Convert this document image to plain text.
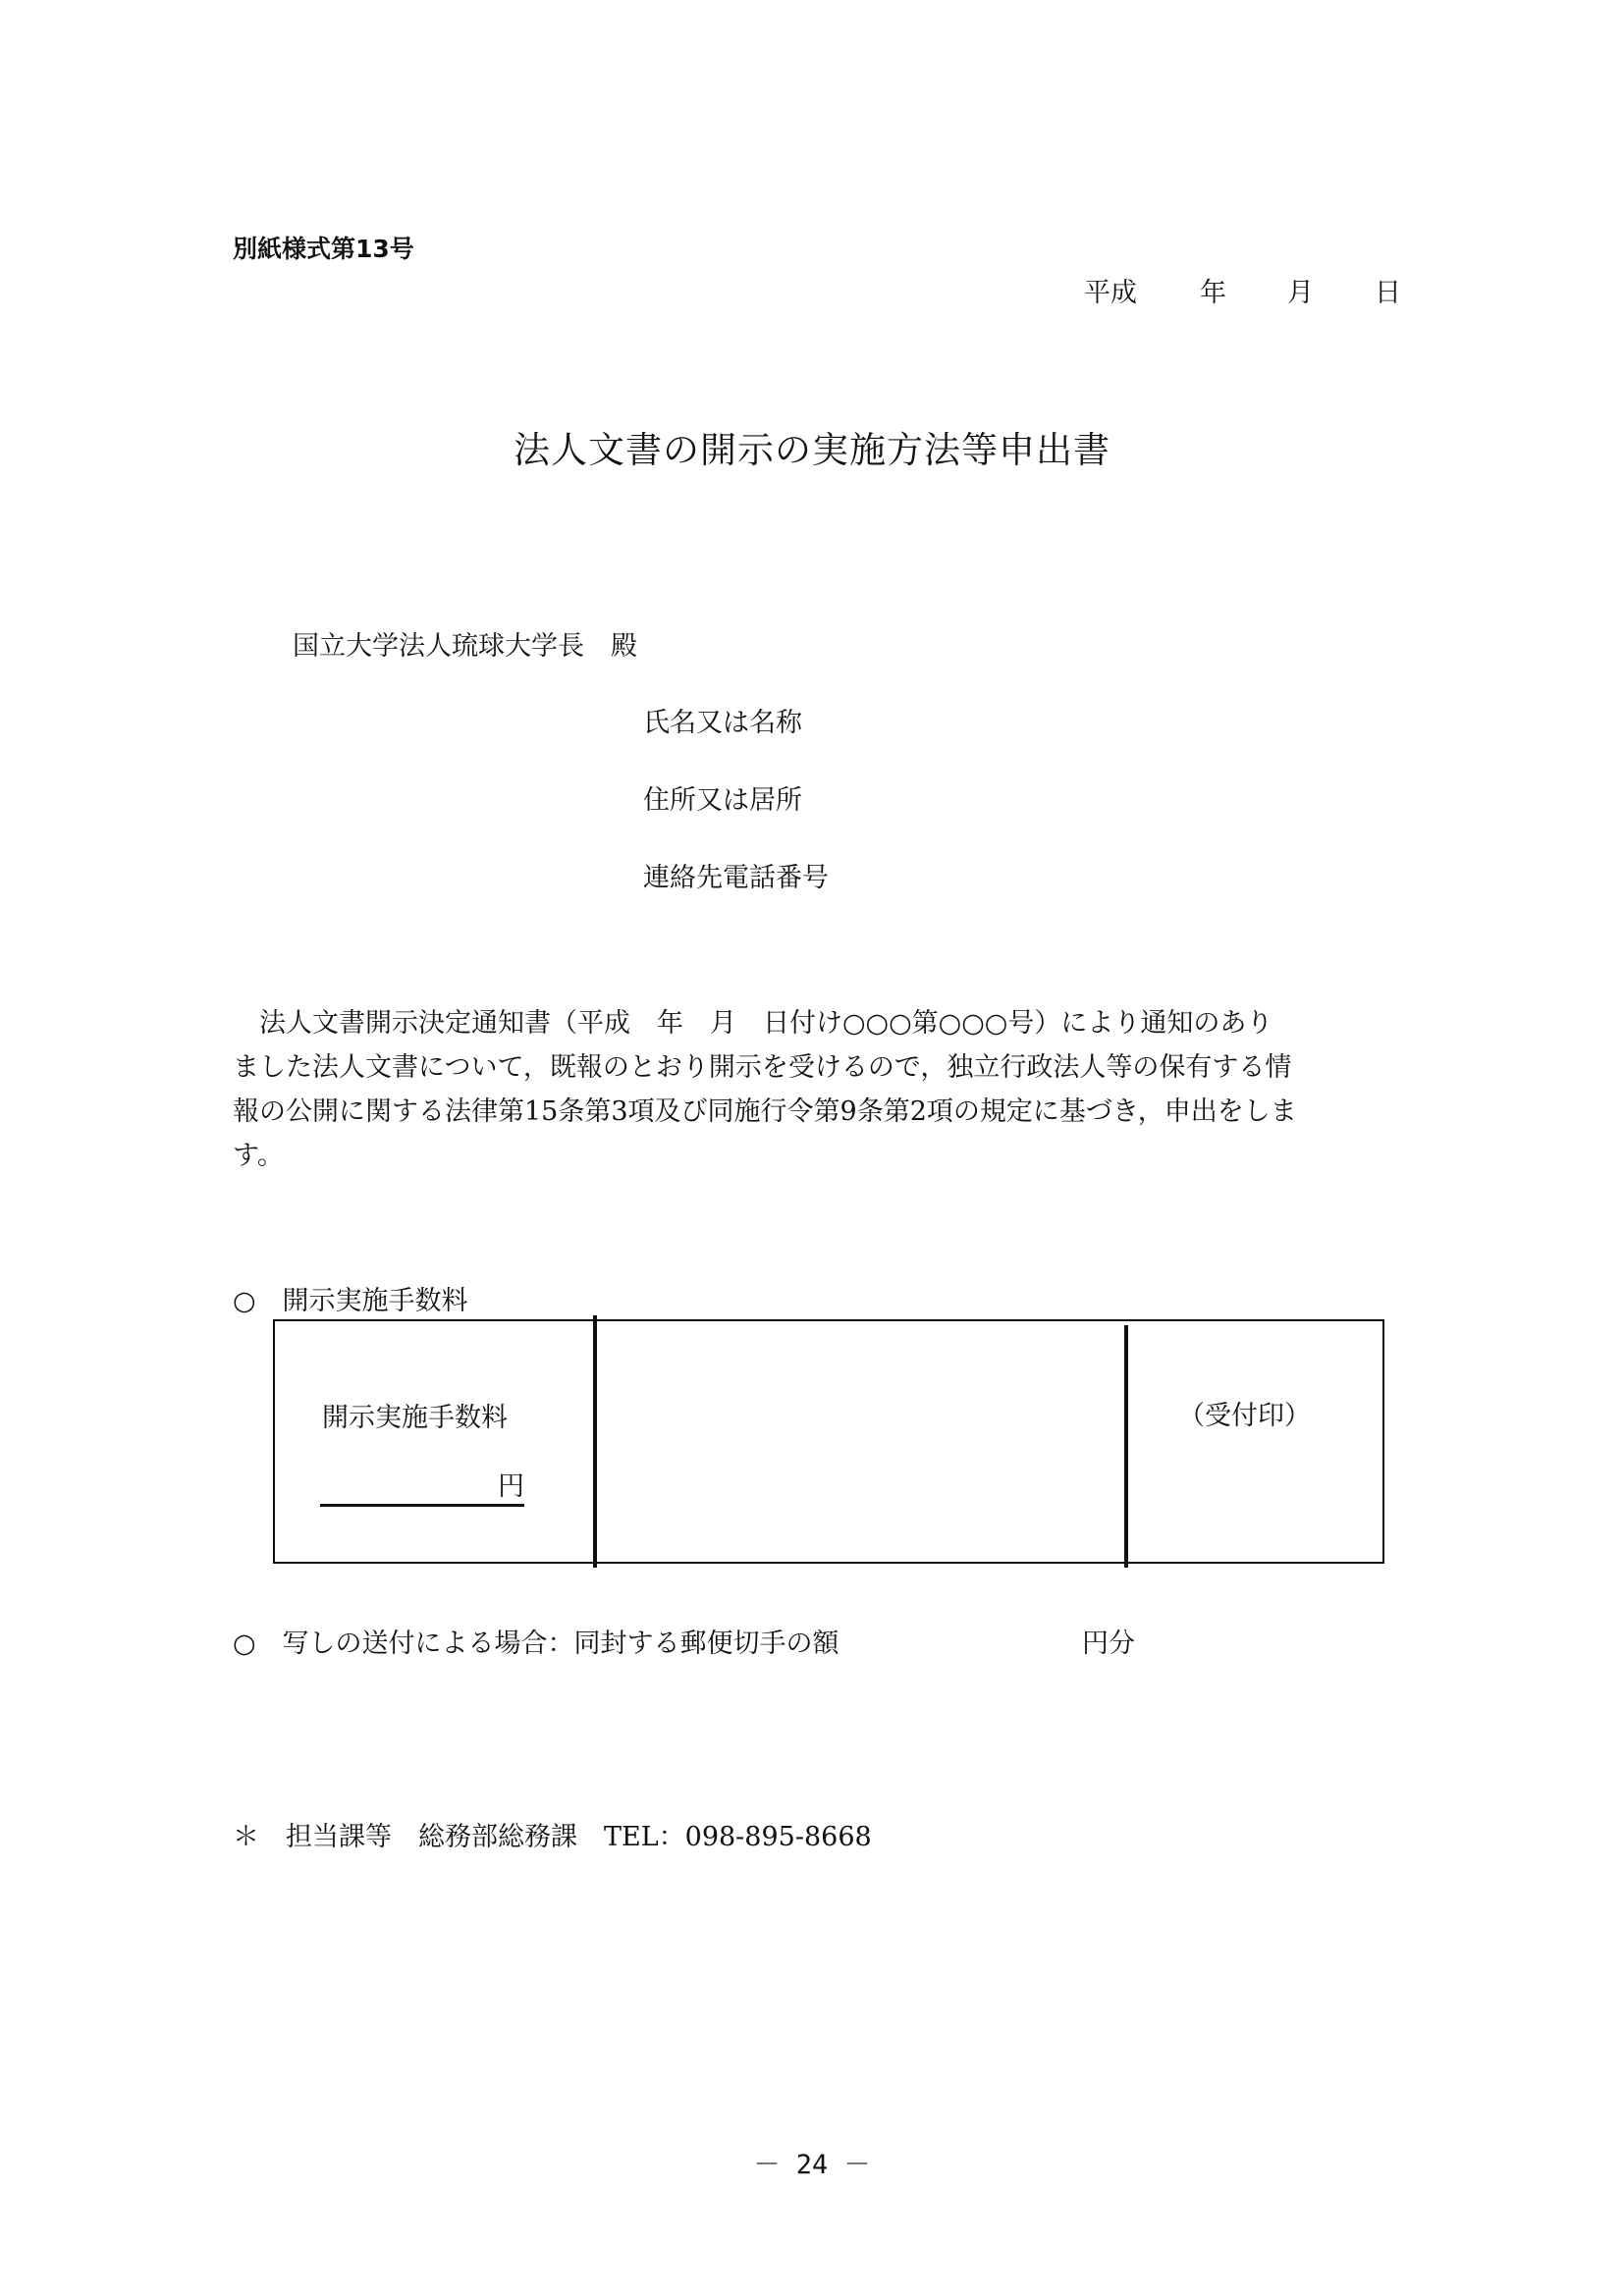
別紙様式第13号
平成 年 月 日
法人文書の開示の実施方法等申出書
国立大学法人琉球大学長　殿
氏名又は名称
住所又は居所
連絡先電話番号
　法人文書開示決定通知書（平成　年　月　日付け○○○第○○○号）により通知のあり
ました法人文書について，既報のとおり開示を受けるので，独立行政法人等の保有する情
報の公開に関する法律第15条第3項及び同施行令第9条第2項の規定に基づき，申出をしま
す。
○　開示実施手数料
開示実施手数料
円
（受付印）
○　写しの送付による場合：同封する郵便切手の額	円分
＊　担当課等　総務部総務課　TEL：098-895-8668
－ 24 －
